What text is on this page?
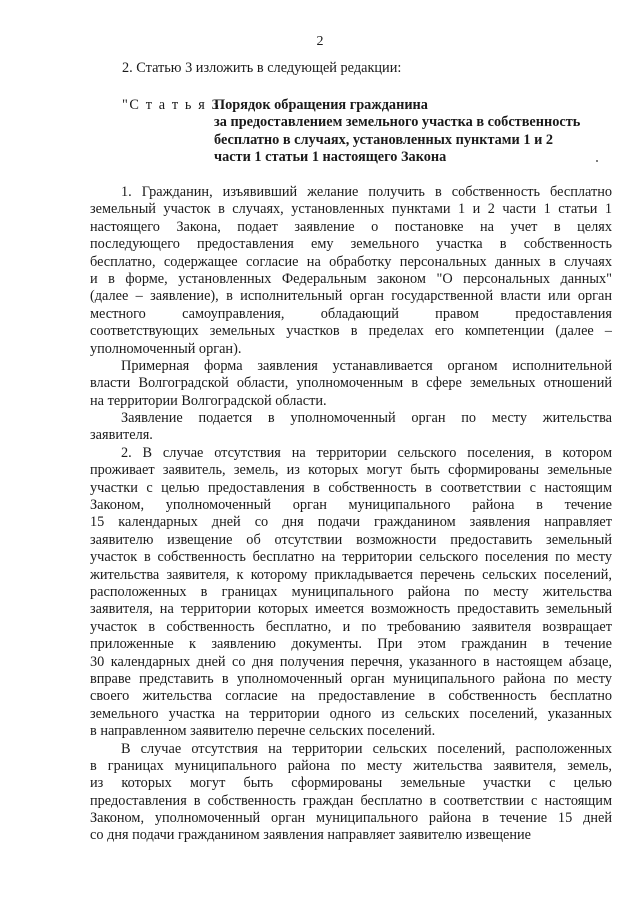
2
2. Статью 3 изложить в следующей редакции:
"С т а т ь я 3.
Порядок обращения гражданина
за предоставлением земельного участка в собственность
бесплатно в случаях, установленных пунктами 1 и 2
части 1 статьи 1 настоящего Закона
1. Гражданин, изъявивший желание получить в собственность бесплатно
земельный участок в случаях, установленных пунктами 1 и 2 части 1 статьи 1
настоящего Закона, подает заявление о постановке на учет в целях
последующего предоставления ему земельного участка в собственность
бесплатно, содержащее согласие на обработку персональных данных в случаях
и в форме, установленных Федеральным законом "О персональных данных"
(далее – заявление), в исполнительный орган государственной власти или орган
местного самоуправления, обладающий правом предоставления
соответствующих земельных участков в пределах его компетенции (далее –
уполномоченный орган).
Примерная форма заявления устанавливается органом исполнительной
власти Волгоградской области, уполномоченным в сфере земельных отношений
на территории Волгоградской области.
Заявление подается в уполномоченный орган по месту жительства
заявителя.
2. В случае отсутствия на территории сельского поселения, в котором
проживает заявитель, земель, из которых могут быть сформированы земельные
участки с целью предоставления в собственность в соответствии с настоящим
Законом, уполномоченный орган муниципального района в течение
15 календарных дней со дня подачи гражданином заявления направляет
заявителю извещение об отсутствии возможности предоставить земельный
участок в собственность бесплатно на территории сельского поселения по месту
жительства заявителя, к которому прикладывается перечень сельских поселений,
расположенных в границах муниципального района по месту жительства
заявителя, на территории которых имеется возможность предоставить земельный
участок в собственность бесплатно, и по требованию заявителя возвращает
приложенные к заявлению документы. При этом гражданин в течение
30 календарных дней со дня получения перечня, указанного в настоящем абзаце,
вправе представить в уполномоченный орган муниципального района по месту
своего жительства согласие на предоставление в собственность бесплатно
земельного участка на территории одного из сельских поселений, указанных
в направленном заявителю перечне сельских поселений.
В случае отсутствия на территории сельских поселений, расположенных
в границах муниципального района по месту жительства заявителя, земель,
из которых могут быть сформированы земельные участки с целью
предоставления в собственность граждан бесплатно в соответствии с настоящим
Законом, уполномоченный орган муниципального района в течение 15 дней
со дня подачи гражданином заявления направляет заявителю извещение
